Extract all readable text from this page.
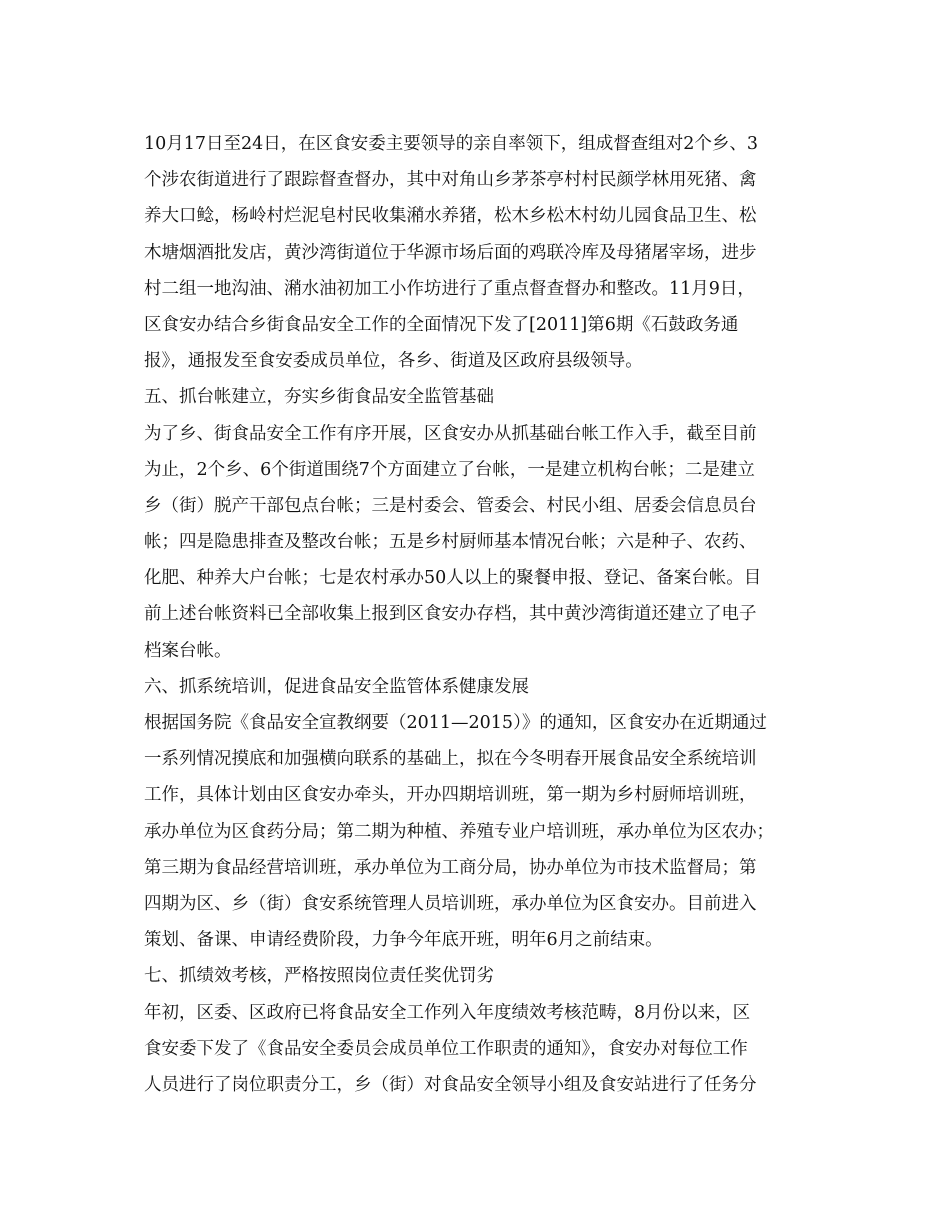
10月17日至24日，在区食安委主要领导的亲自率领下，组成督查组对2个乡、3
个涉农街道进行了跟踪督查督办，其中对角山乡茅茶亭村村民颜学林用死猪、禽
养大口鲶，杨岭村烂泥皂村民收集潲水养猪，松木乡松木村幼儿园食品卫生、松
木塘烟酒批发店，黄沙湾街道位于华源市场后面的鸡联冷库及母猪屠宰场，进步
村二组一地沟油、潲水油初加工小作坊进行了重点督查督办和整改。11月9日，
区食安办结合乡街食品安全工作的全面情况下发了[2011]第6期《石鼓政务通
报》，通报发至食安委成员单位，各乡、街道及区政府县级领导。
五、抓台帐建立，夯实乡街食品安全监管基础
为了乡、街食品安全工作有序开展，区食安办从抓基础台帐工作入手，截至目前
为止，2个乡、6个街道围绕7个方面建立了台帐，一是建立机构台帐；二是建立
乡（街）脱产干部包点台帐；三是村委会、管委会、村民小组、居委会信息员台
帐；四是隐患排查及整改台帐；五是乡村厨师基本情况台帐；六是种子、农药、
化肥、种养大户台帐；七是农村承办50人以上的聚餐申报、登记、备案台帐。目
前上述台帐资料已全部收集上报到区食安办存档，其中黄沙湾街道还建立了电子
档案台帐。
六、抓系统培训，促进食品安全监管体系健康发展
根据国务院《食品安全宣教纲要（2011—2015）》的通知，区食安办在近期通过
一系列情况摸底和加强横向联系的基础上，拟在今冬明春开展食品安全系统培训
工作，具体计划由区食安办牵头，开办四期培训班，第一期为乡村厨师培训班，
承办单位为区食药分局；第二期为种植、养殖专业户培训班，承办单位为区农办；
第三期为食品经营培训班，承办单位为工商分局，协办单位为市技术监督局；第
四期为区、乡（街）食安系统管理人员培训班，承办单位为区食安办。目前进入
策划、备课、申请经费阶段，力争今年底开班，明年6月之前结束。
七、抓绩效考核，严格按照岗位责任奖优罚劣
年初，区委、区政府已将食品安全工作列入年度绩效考核范畴，8月份以来，区
食安委下发了《食品安全委员会成员单位工作职责的通知》，食安办对每位工作
人员进行了岗位职责分工，乡（街）对食品安全领导小组及食安站进行了任务分
